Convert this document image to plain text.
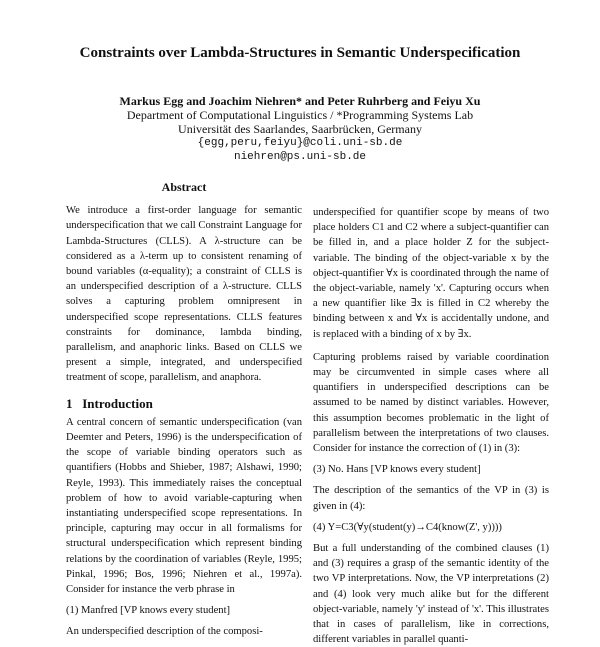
Constraints over Lambda-Structures in Semantic Underspecification
Markus Egg and Joachim Niehren* and Peter Ruhrberg and Feiyu Xu
Department of Computational Linguistics / *Programming Systems Lab
Universität des Saarlandes, Saarbrücken, Germany
{egg,peru,feiyu}@coli.uni-sb.de
niehren@ps.uni-sb.de
Abstract

We introduce a first-order language for semantic underspecification that we call Constraint Language for Lambda-Structures (CLLS). A λ-structure can be considered as a λ-term up to consistent renaming of bound variables (α-equality); a constraint of CLLS is an underspecified description of a λ-structure. CLLS solves a capturing problem omnipresent in underspecified scope representations. CLLS features constraints for dominance, lambda binding, parallelism, and anaphoric links. Based on CLLS we present a simple, integrated, and underspecified treatment of scope, parallelism, and anaphora.

1 Introduction

A central concern of semantic underspecification (van Deemter and Peters, 1996) is the underspecification of the scope of variable binding operators such as quantifiers (Hobbs and Shieber, 1987; Alshawi, 1990; Reyle, 1993). This immediately raises the conceptual problem of how to avoid variable-capturing when instantiating underspecified scope representations. In principle, capturing may occur in all formalisms for structural underspecification which represent binding relations by the coordination of variables (Reyle, 1995; Pinkal, 1996; Bos, 1996; Niehren et al., 1997a). Consider for instance the verb phrase in

(1) Manfred [VP knows every student]

An underspecified description of the composi-

underspecified for quantifier scope by means of two place holders C1 and C2 where a subject-quantifier can be filled in, and a place holder Z for the subject-variable. The binding of the object-variable x by the object-quantifier ∀x is coordinated through the name of the object-variable, namely 'x'. Capturing occurs when a new quantifier like ∃x is filled in C2 whereby the binding between x and ∀x is accidentally undone, and is replaced with a binding of x by ∃x.

Capturing problems raised by variable coordination may be circumvented in simple cases where all quantifiers in underspecified descriptions can be assumed to be named by distinct variables. However, this assumption becomes problematic in the light of parallelism between the interpretations of two clauses. Consider for instance the correction of (1) in (3):

(3) No. Hans [VP knows every student]

The description of the semantics of the VP in (3) is given in (4):

(4) Y=C3(∀y(student(y)→C4(know(Z', y))))

But a full understanding of the combined clauses (1) and (3) requires a grasp of the semantic identity of the two VP interpretations. Now, the VP interpretations (2) and (4) look very much alike but for the different object-variable, namely 'y' instead of 'x'. This illustrates that in cases of parallelism, like in corrections, different variables in parallel quanti-
